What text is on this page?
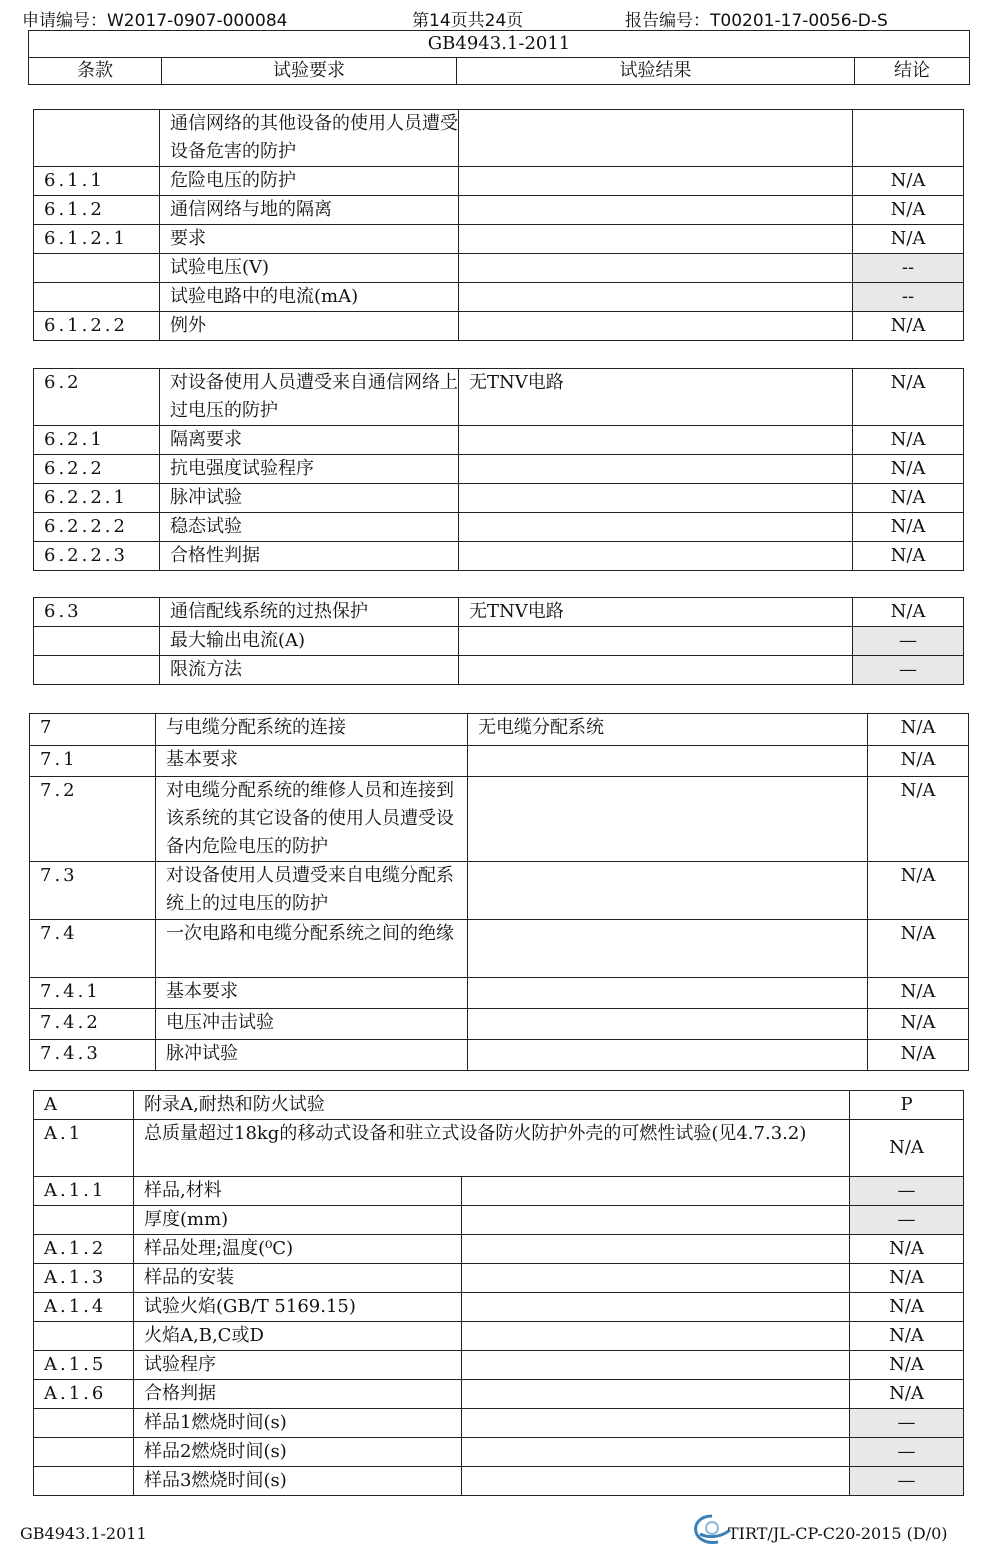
申请编号：W2017-0907-000084	第14页共24页	报告编号：T00201-17-0056-D-S
GB4943.1-2011
条款	试验要求	试验结果	结论
	通信网络的其他设备的使用人员遭受设备危害的防护		
6.1.1	危险电压的防护		N/A
6.1.2	通信网络与地的隔离		N/A
6.1.2.1	要求		N/A
	试验电压(V)		--
	试验电路中的电流(mA)		--
6.1.2.2	例外		N/A
6.2	对设备使用人员遭受来自通信网络上过电压的防护	无TNV电路	N/A
6.2.1	隔离要求		N/A
6.2.2	抗电强度试验程序		N/A
6.2.2.1	脉冲试验		N/A
6.2.2.2	稳态试验		N/A
6.2.2.3	合格性判据		N/A
6.3	通信配线系统的过热保护	无TNV电路	N/A
	最大输出电流(A)		—
	限流方法		—
7	与电缆分配系统的连接	无电缆分配系统	N/A
7.1	基本要求		N/A
7.2	对电缆分配系统的维修人员和连接到该系统的其它设备的使用人员遭受设备内危险电压的防护		N/A
7.3	对设备使用人员遭受来自电缆分配系统上的过电压的防护		N/A
7.4	一次电路和电缆分配系统之间的绝缘		N/A
7.4.1	基本要求		N/A
7.4.2	电压冲击试验		N/A
7.4.3	脉冲试验		N/A
A	附录A,耐热和防火试验		P
A.1	总质量超过18kg的移动式设备和驻立式设备防火防护外壳的可燃性试验(见4.7.3.2)		N/A
A.1.1	样品,材料		—
	厚度(mm)		—
A.1.2	样品处理;温度(⁰C)		N/A
A.1.3	样品的安装		N/A
A.1.4	试验火焰(GB/T 5169.15)		N/A
	火焰A,B,C或D		N/A
A.1.5	试验程序		N/A
A.1.6	合格判据		N/A
	样品1燃烧时间(s)		—
	样品2燃烧时间(s)		—
	样品3燃烧时间(s)		—
GB4943.1-2011	TIRT/JL-CP-C20-2015 (D/0)
